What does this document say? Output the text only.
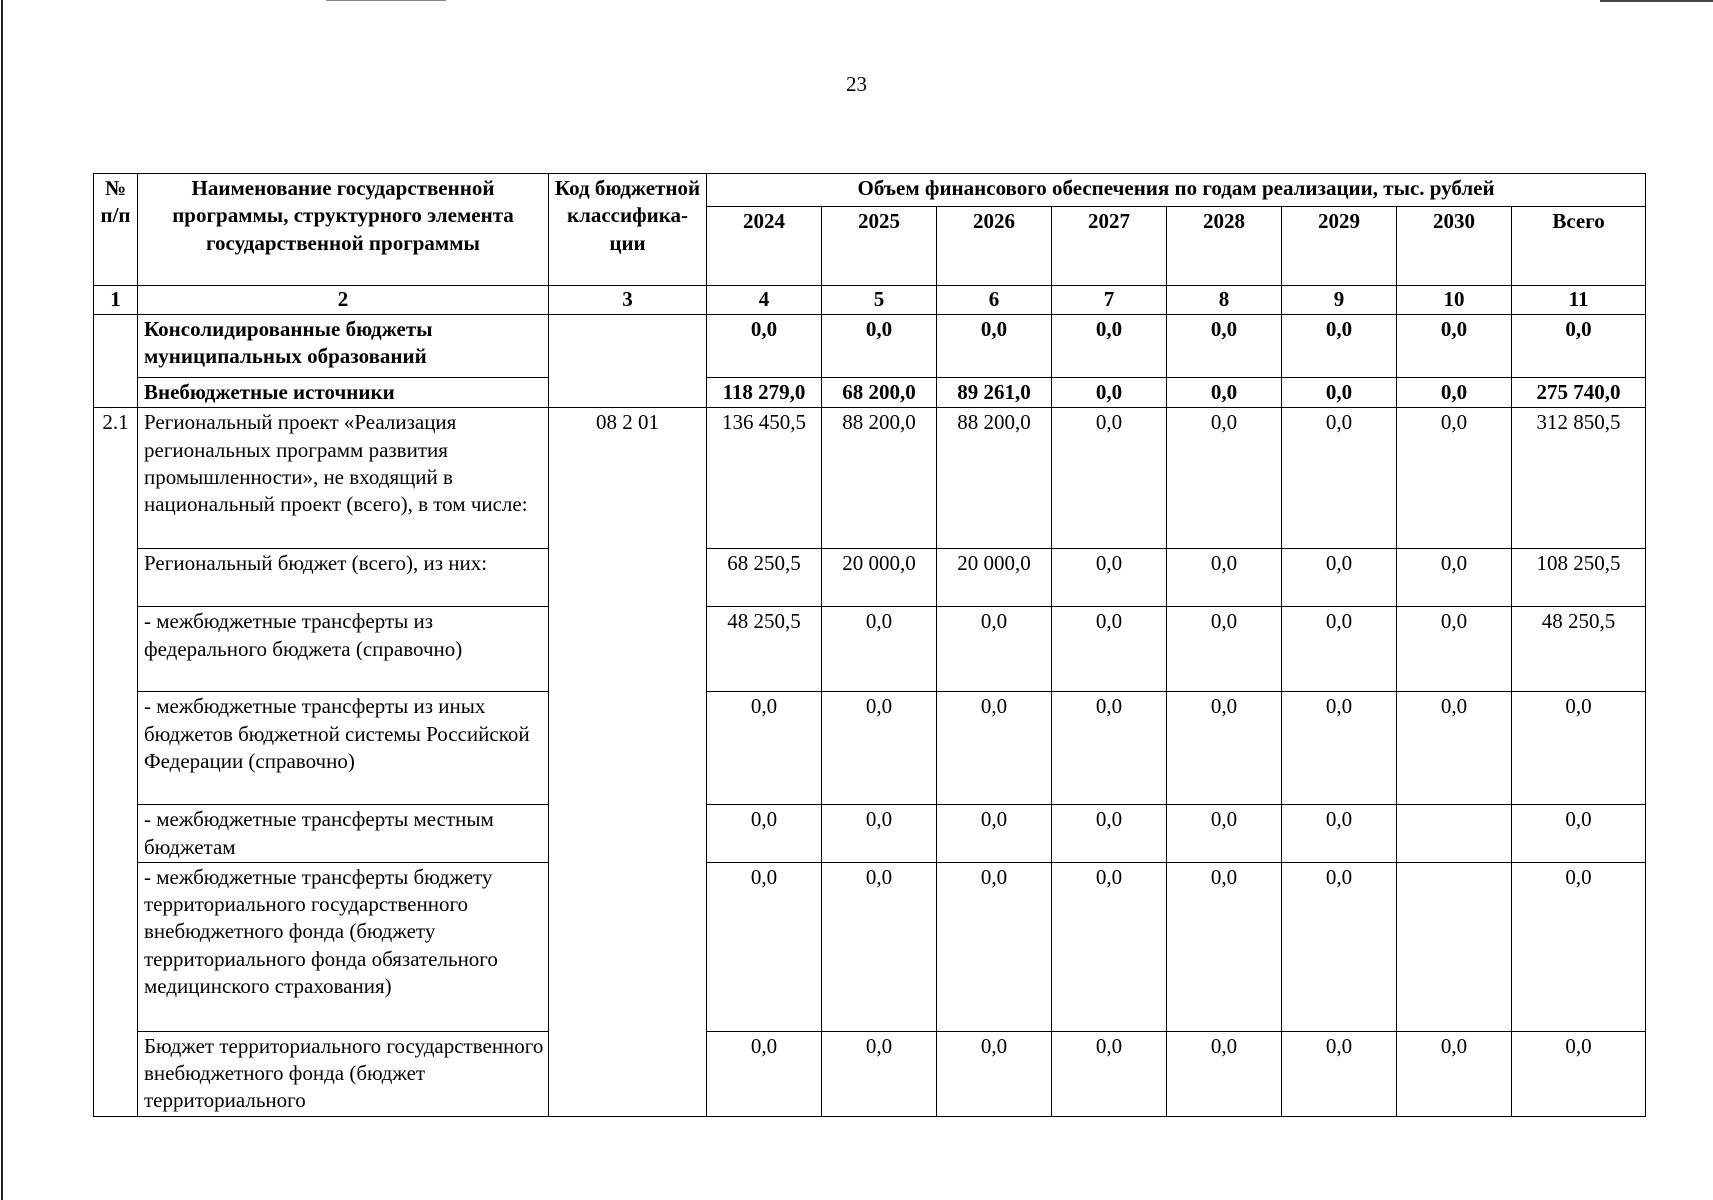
23
№ п/п	Наименование государственной программы, структурного элемента государственной программы	Код бюджетной классифика-ции	Объем финансового обеспечения по годам реализации, тыс. рублей							
			2024	2025	2026	2027	2028	2029	2030	Всего
1	2	3	4	5	6	7	8	9	10	11
	Консолидированные бюджеты муниципальных образований		0,0	0,0	0,0	0,0	0,0	0,0	0,0	0,0
	Внебюджетные источники		118 279,0	68 200,0	89 261,0	0,0	0,0	0,0	0,0	275 740,0
2.1	Региональный проект «Реализация региональных программ развития промышленности», не входящий в национальный проект (всего), в том числе:	08 2 01	136 450,5	88 200,0	88 200,0	0,0	0,0	0,0	0,0	312 850,5
	Региональный бюджет (всего), из них:		68 250,5	20 000,0	20 000,0	0,0	0,0	0,0	0,0	108 250,5
	- межбюджетные трансферты из федерального бюджета (справочно)		48 250,5	0,0	0,0	0,0	0,0	0,0	0,0	48 250,5
	- межбюджетные трансферты из иных бюджетов бюджетной системы Российской Федерации (справочно)		0,0	0,0	0,0	0,0	0,0	0,0	0,0	0,0
	- межбюджетные трансферты местным бюджетам		0,0	0,0	0,0	0,0	0,0	0,0		0,0
	- межбюджетные трансферты бюджету территориального государственного внебюджетного фонда (бюджету территориального фонда обязательного медицинского страхования)		0,0	0,0	0,0	0,0	0,0	0,0		0,0
	Бюджет территориального государственного внебюджетного фонда (бюджет территориального		0,0	0,0	0,0	0,0	0,0	0,0	0,0	0,0
